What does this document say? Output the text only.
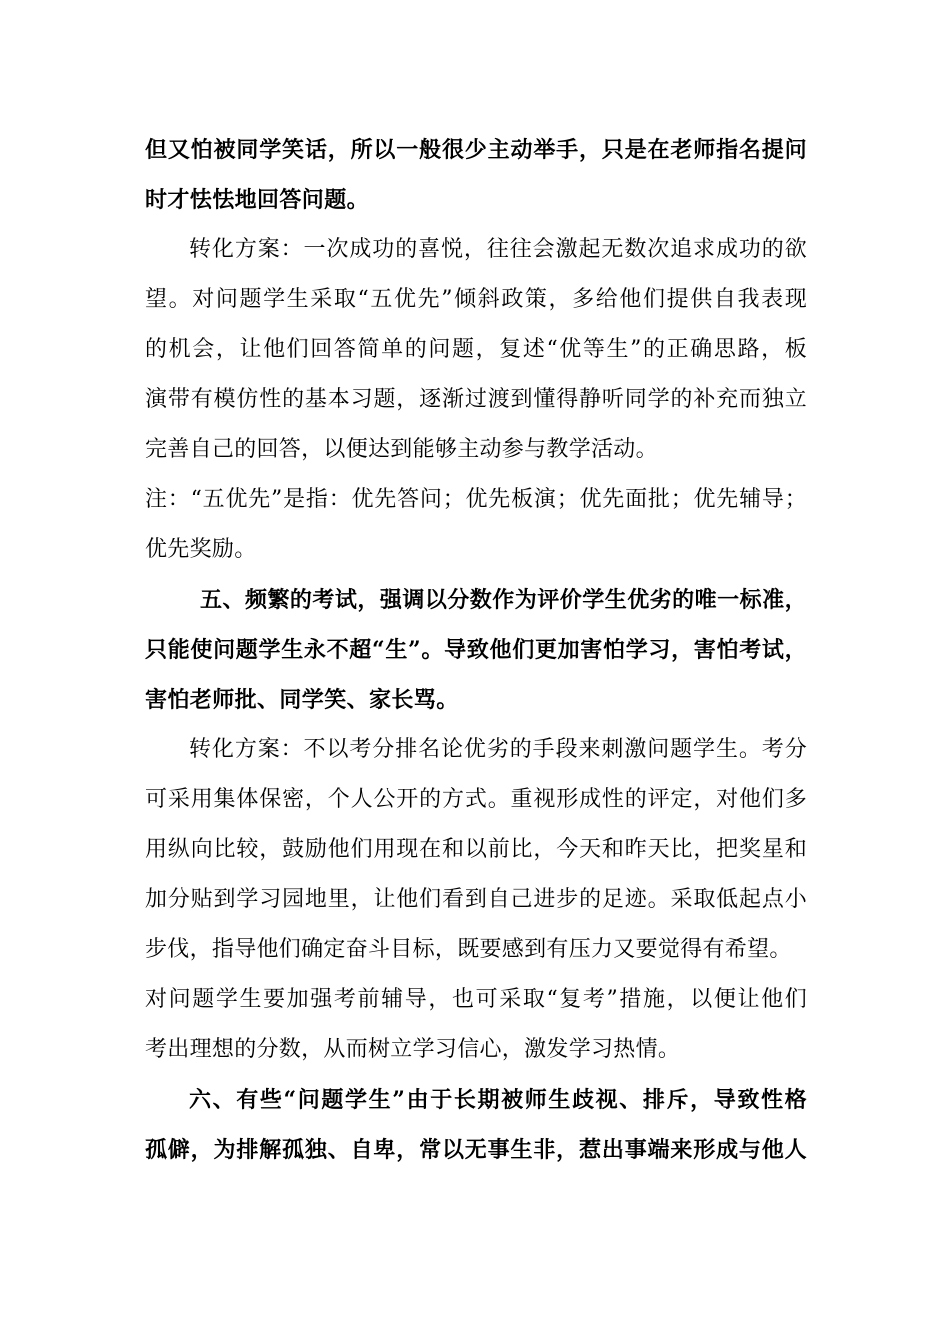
但又怕被同学笑话，所以一般很少主动举手，只是在老师指名提问
时才怯怯地回答问题。
转化方案：一次成功的喜悦，往往会激起无数次追求成功的欲
望。对问题学生采取“五优先”倾斜政策，多给他们提供自我表现
的机会，让他们回答简单的问题，复述“优等生”的正确思路，板
演带有模仿性的基本习题，逐渐过渡到懂得静听同学的补充而独立
完善自己的回答，以便达到能够主动参与教学活动。
注：“五优先”是指：优先答问；优先板演；优先面批；优先辅导；
优先奖励。
五、频繁的考试，强调以分数作为评价学生优劣的唯一标准，
只能使问题学生永不超“生”。导致他们更加害怕学习，害怕考试，
害怕老师批、同学笑、家长骂。
转化方案：不以考分排名论优劣的手段来刺激问题学生。考分
可采用集体保密，个人公开的方式。重视形成性的评定，对他们多
用纵向比较，鼓励他们用现在和以前比，今天和昨天比，把奖星和
加分贴到学习园地里，让他们看到自己进步的足迹。采取低起点小
步伐，指导他们确定奋斗目标，既要感到有压力又要觉得有希望。
对问题学生要加强考前辅导，也可采取“复考”措施，以便让他们
考出理想的分数，从而树立学习信心，激发学习热情。
六、有些“问题学生”由于长期被师生歧视、排斥，导致性格
孤僻，为排解孤独、自卑，常以无事生非，惹出事端来形成与他人
